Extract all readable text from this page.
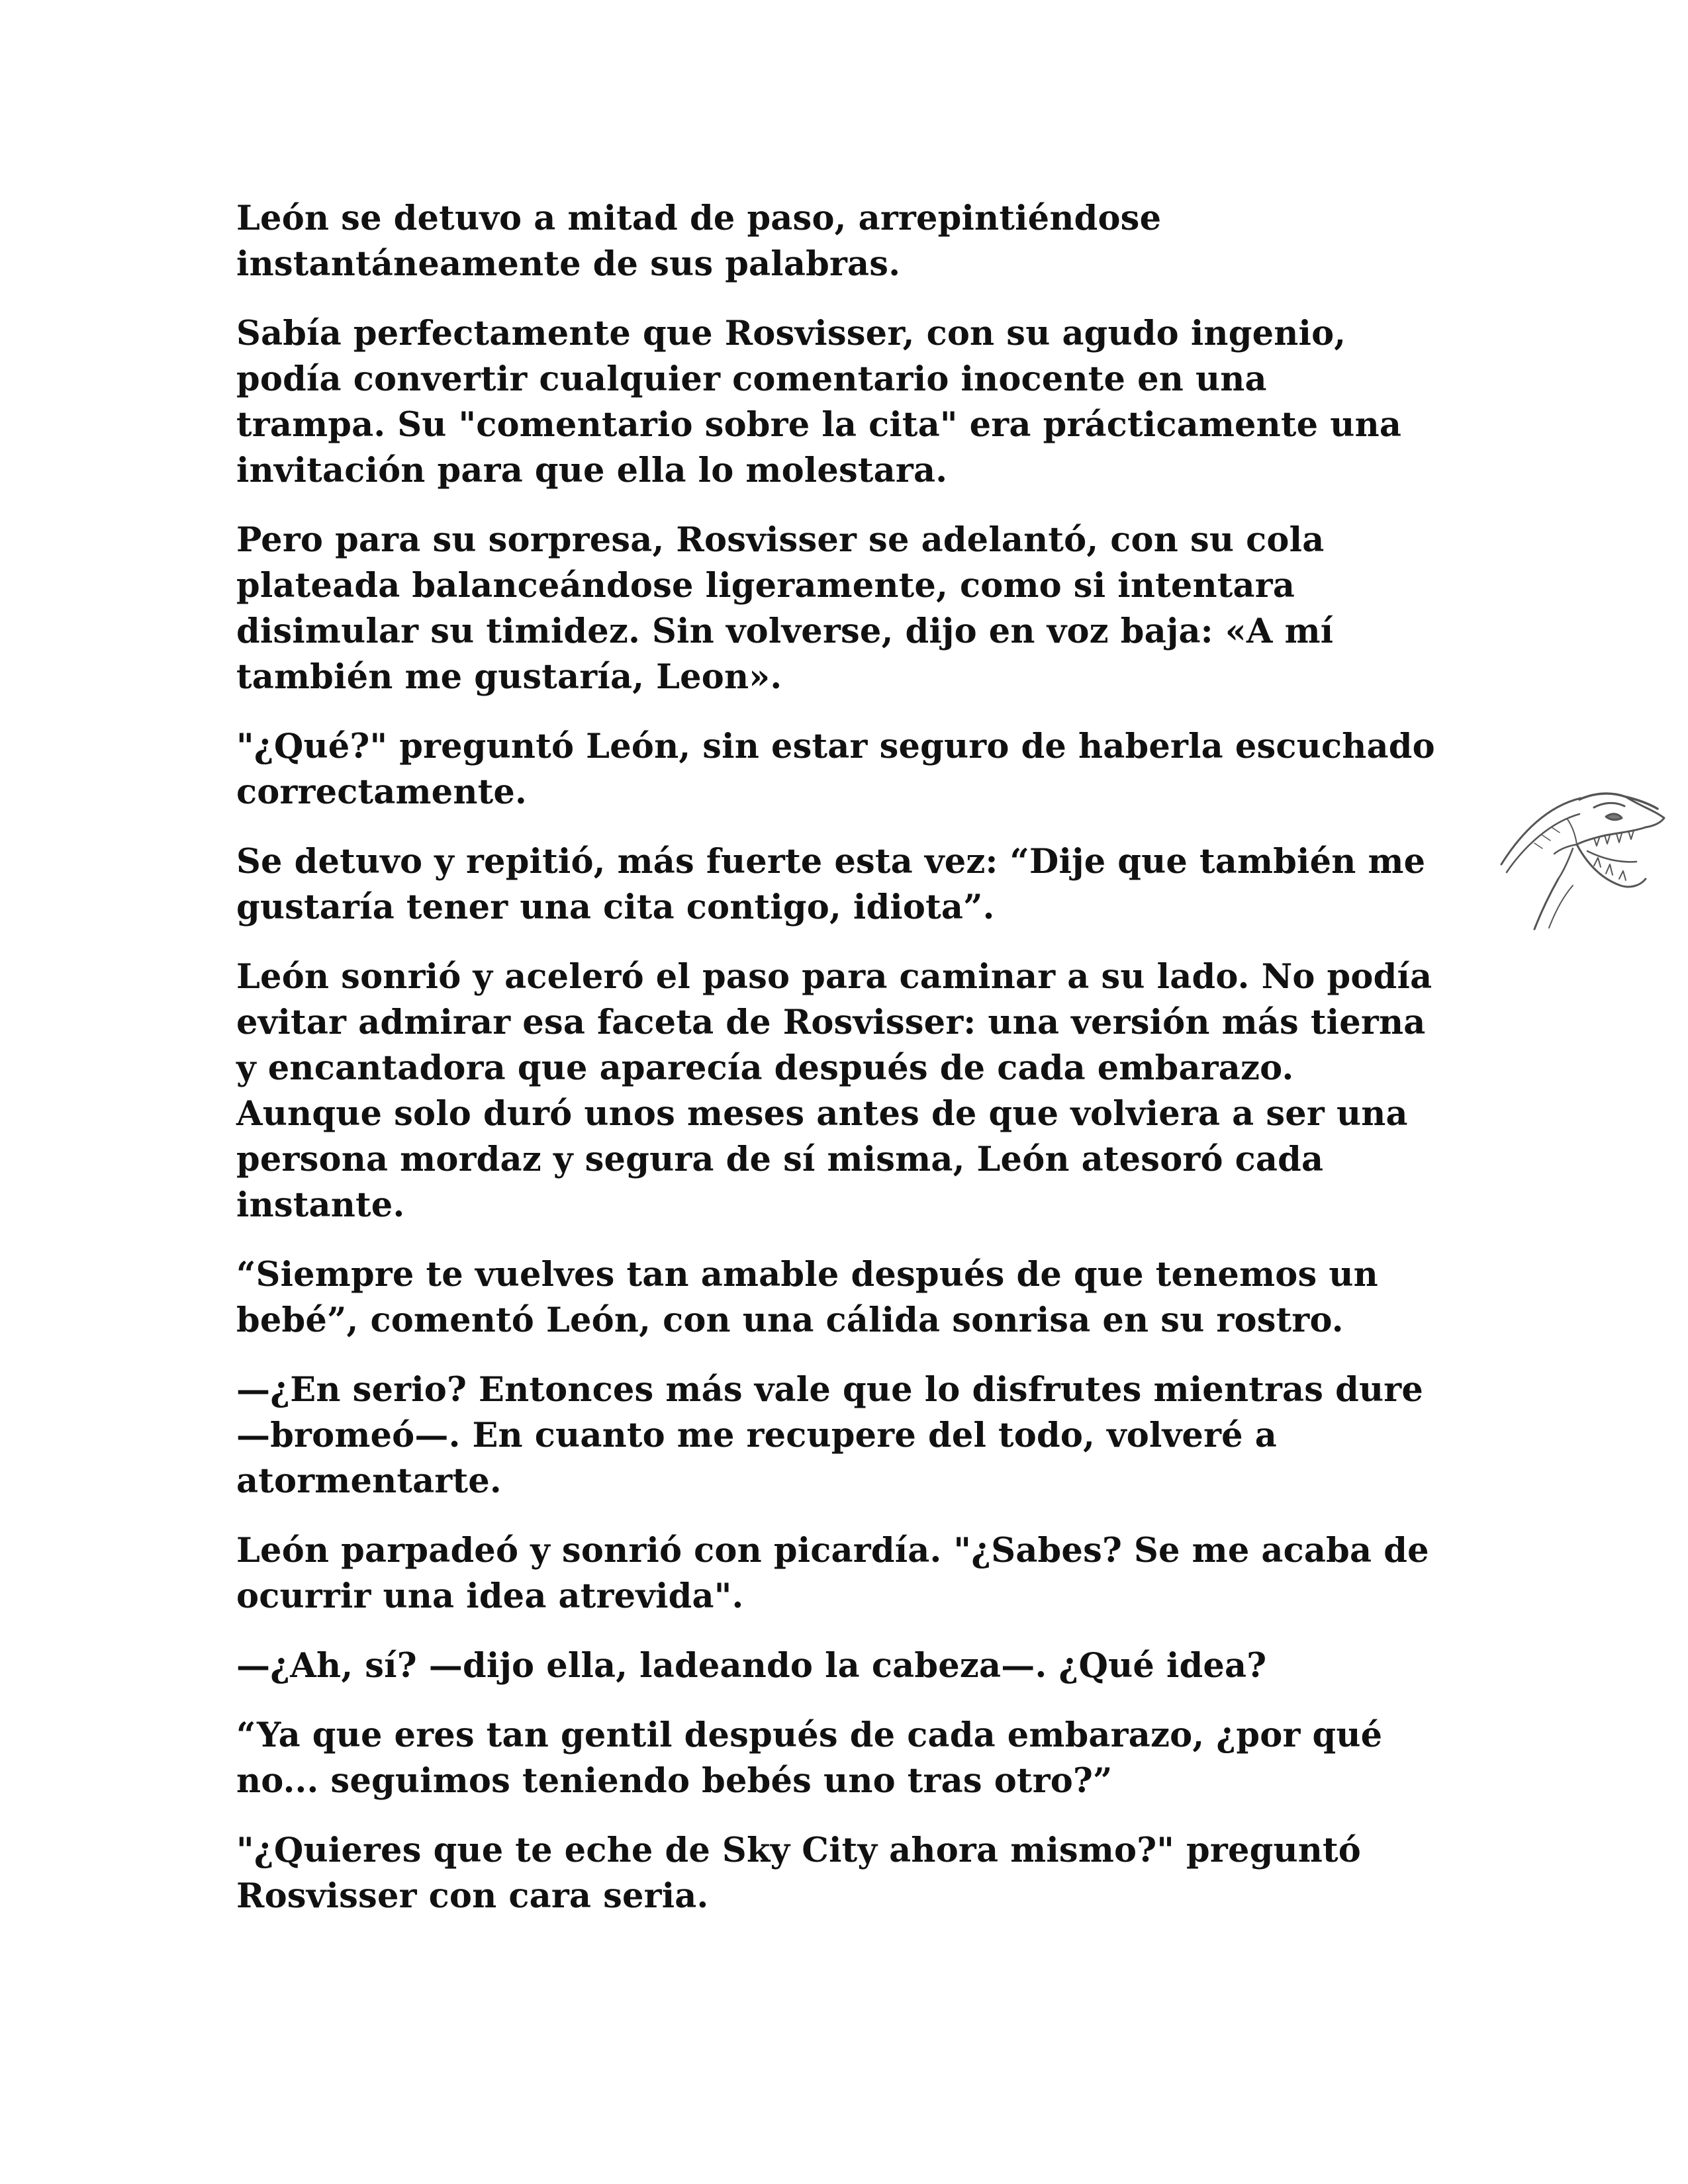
León se detuvo a mitad de paso, arrepintiéndose
instantáneamente de sus palabras.

Sabía perfectamente que Rosvisser, con su agudo ingenio,
podía convertir cualquier comentario inocente en una
trampa. Su "comentario sobre la cita" era prácticamente una
invitación para que ella lo molestara.

Pero para su sorpresa, Rosvisser se adelantó, con su cola
plateada balanceándose ligeramente, como si intentara
disimular su timidez. Sin volverse, dijo en voz baja: «A mí
también me gustaría, Leon».

"¿Qué?" preguntó León, sin estar seguro de haberla escuchado
correctamente.

Se detuvo y repitió, más fuerte esta vez: “Dije que también me
gustaría tener una cita contigo, idiota”.

León sonrió y aceleró el paso para caminar a su lado. No podía
evitar admirar esa faceta de Rosvisser: una versión más tierna
y encantadora que aparecía después de cada embarazo.
Aunque solo duró unos meses antes de que volviera a ser una
persona mordaz y segura de sí misma, León atesoró cada
instante.

“Siempre te vuelves tan amable después de que tenemos un
bebé”, comentó León, con una cálida sonrisa en su rostro.

—¿En serio? Entonces más vale que lo disfrutes mientras dure
—bromeó—. En cuanto me recupere del todo, volveré a
atormentarte.

León parpadeó y sonrió con picardía. "¿Sabes? Se me acaba de
ocurrir una idea atrevida".

—¿Ah, sí? —dijo ella, ladeando la cabeza—. ¿Qué idea?

“Ya que eres tan gentil después de cada embarazo, ¿por qué
no... seguimos teniendo bebés uno tras otro?”

"¿Quieres que te eche de Sky City ahora mismo?" preguntó
Rosvisser con cara seria.
